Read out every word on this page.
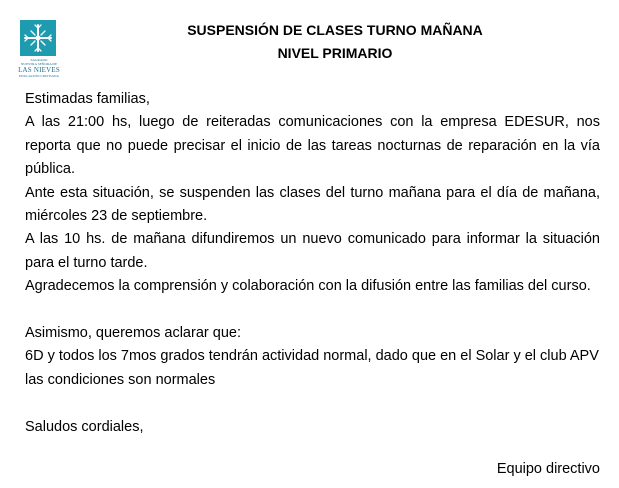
SAGRADO
NUESTRA SEÑORA DE
LAS NIEVES
EDUCACIÓN CRISTIANA
SUSPENSIÓN DE CLASES TURNO MAÑANA
NIVEL PRIMARIO

Estimadas familias,

A las 21:00 hs, luego de reiteradas comunicaciones con la empresa EDESUR, nos reporta que no puede precisar el inicio de las tareas nocturnas de reparación en la vía pública.

Ante esta situación, se suspenden las clases del turno mañana para el día de mañana, miércoles 23 de septiembre.

A las 10 hs. de mañana difundiremos un nuevo comunicado para informar la situación para el turno tarde.

Agradecemos la comprensión y colaboración con la difusión entre las familias del curso.

Asimismo, queremos aclarar que:

6D y todos los 7mos grados tendrán actividad normal, dado que en el Solar y el club APV las condiciones son normales

Saludos cordiales,

Equipo directivo
